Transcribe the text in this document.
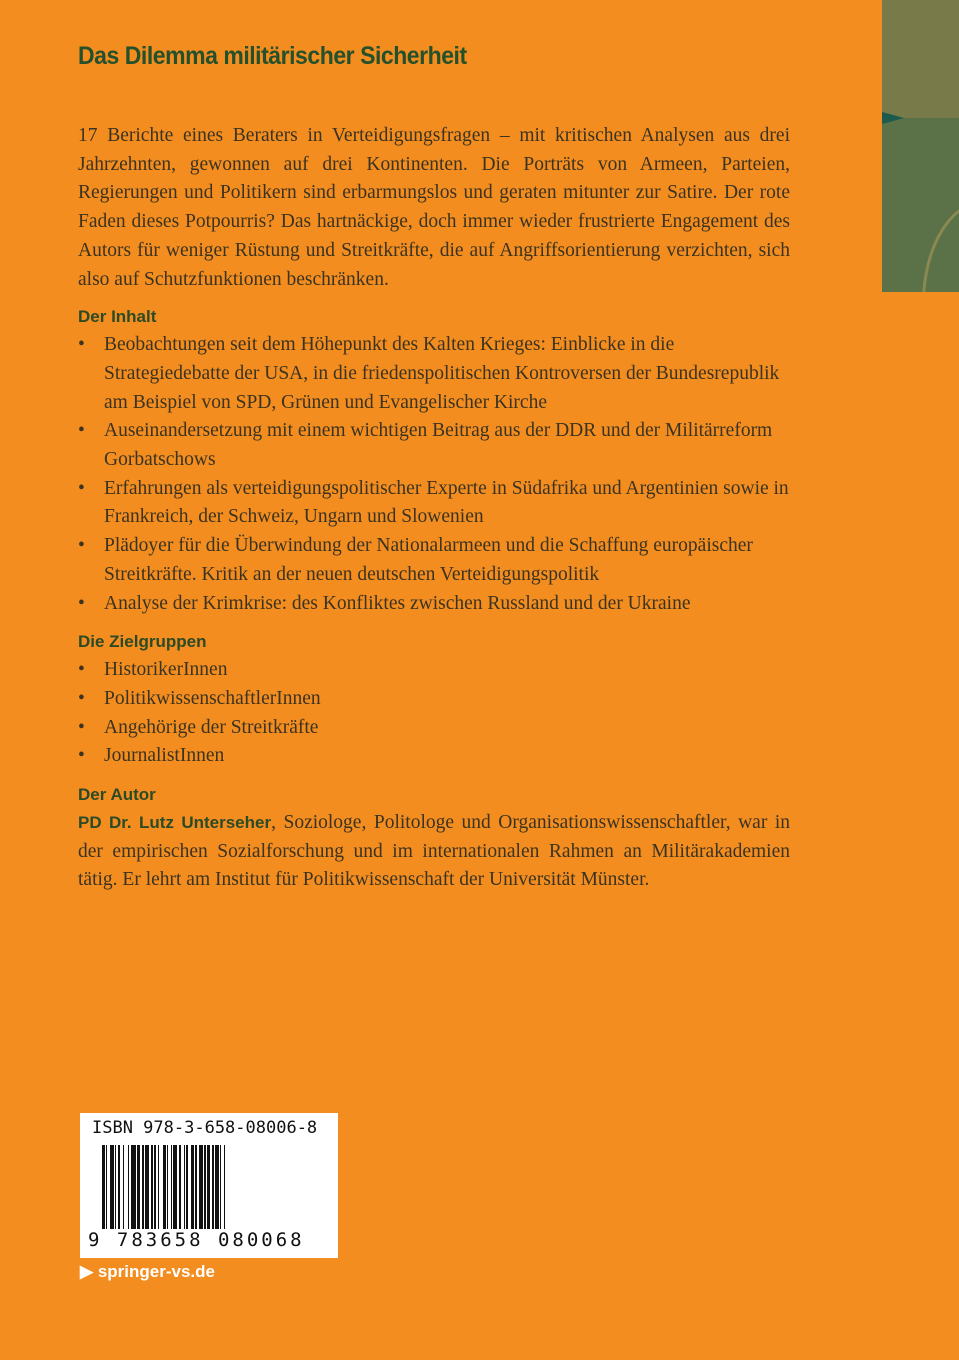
Das Dilemma militärischer Sicherheit

17 Berichte eines Beraters in Verteidigungsfragen – mit kritischen Analysen aus drei Jahrzehnten, gewonnen auf drei Kontinenten. Die Porträts von Armeen, Parteien, Regierungen und Politikern sind erbarmungslos und geraten mitunter zur Satire. Der rote Faden dieses Potpourris? Das hartnäckige, doch immer wieder frustrierte Engagement des Autors für weniger Rüstung und Streitkräfte, die auf Angriffsorientierung verzichten, sich also auf Schutzfunktionen beschränken.

Der Inhalt
• Beobachtungen seit dem Höhepunkt des Kalten Krieges: Einblicke in die Strategiedebatte der USA, in die friedenspolitischen Kontroversen der Bundesrepublik am Beispiel von SPD, Grünen und Evangelischer Kirche
• Auseinandersetzung mit einem wichtigen Beitrag aus der DDR und der Militärreform Gorbatschows
• Erfahrungen als verteidigungspolitischer Experte in Südafrika und Argentinien sowie in Frankreich, der Schweiz, Ungarn und Slowenien
• Plädoyer für die Überwindung der Nationalarmeen und die Schaffung europäischer Streitkräfte. Kritik an der neuen deutschen Verteidigungspolitik
• Analyse der Krimkrise: des Konfliktes zwischen Russland und der Ukraine
Die Zielgruppen
• HistorikerInnen
• PolitikwissenschaftlerInnen
• Angehörige der Streitkräfte
• JournalistInnen
Der Autor

PD Dr. Lutz Unterseher, Soziologe, Politologe und Organisationswissenschaftler, war in der empirischen Sozialforschung und im internationalen Rahmen an Militärakademien tätig. Er lehrt am Institut für Politikwissenschaft der Universität Münster.

ISBN 978-3-658-08006-8
9 783658 080068
▶ springer-vs.de
